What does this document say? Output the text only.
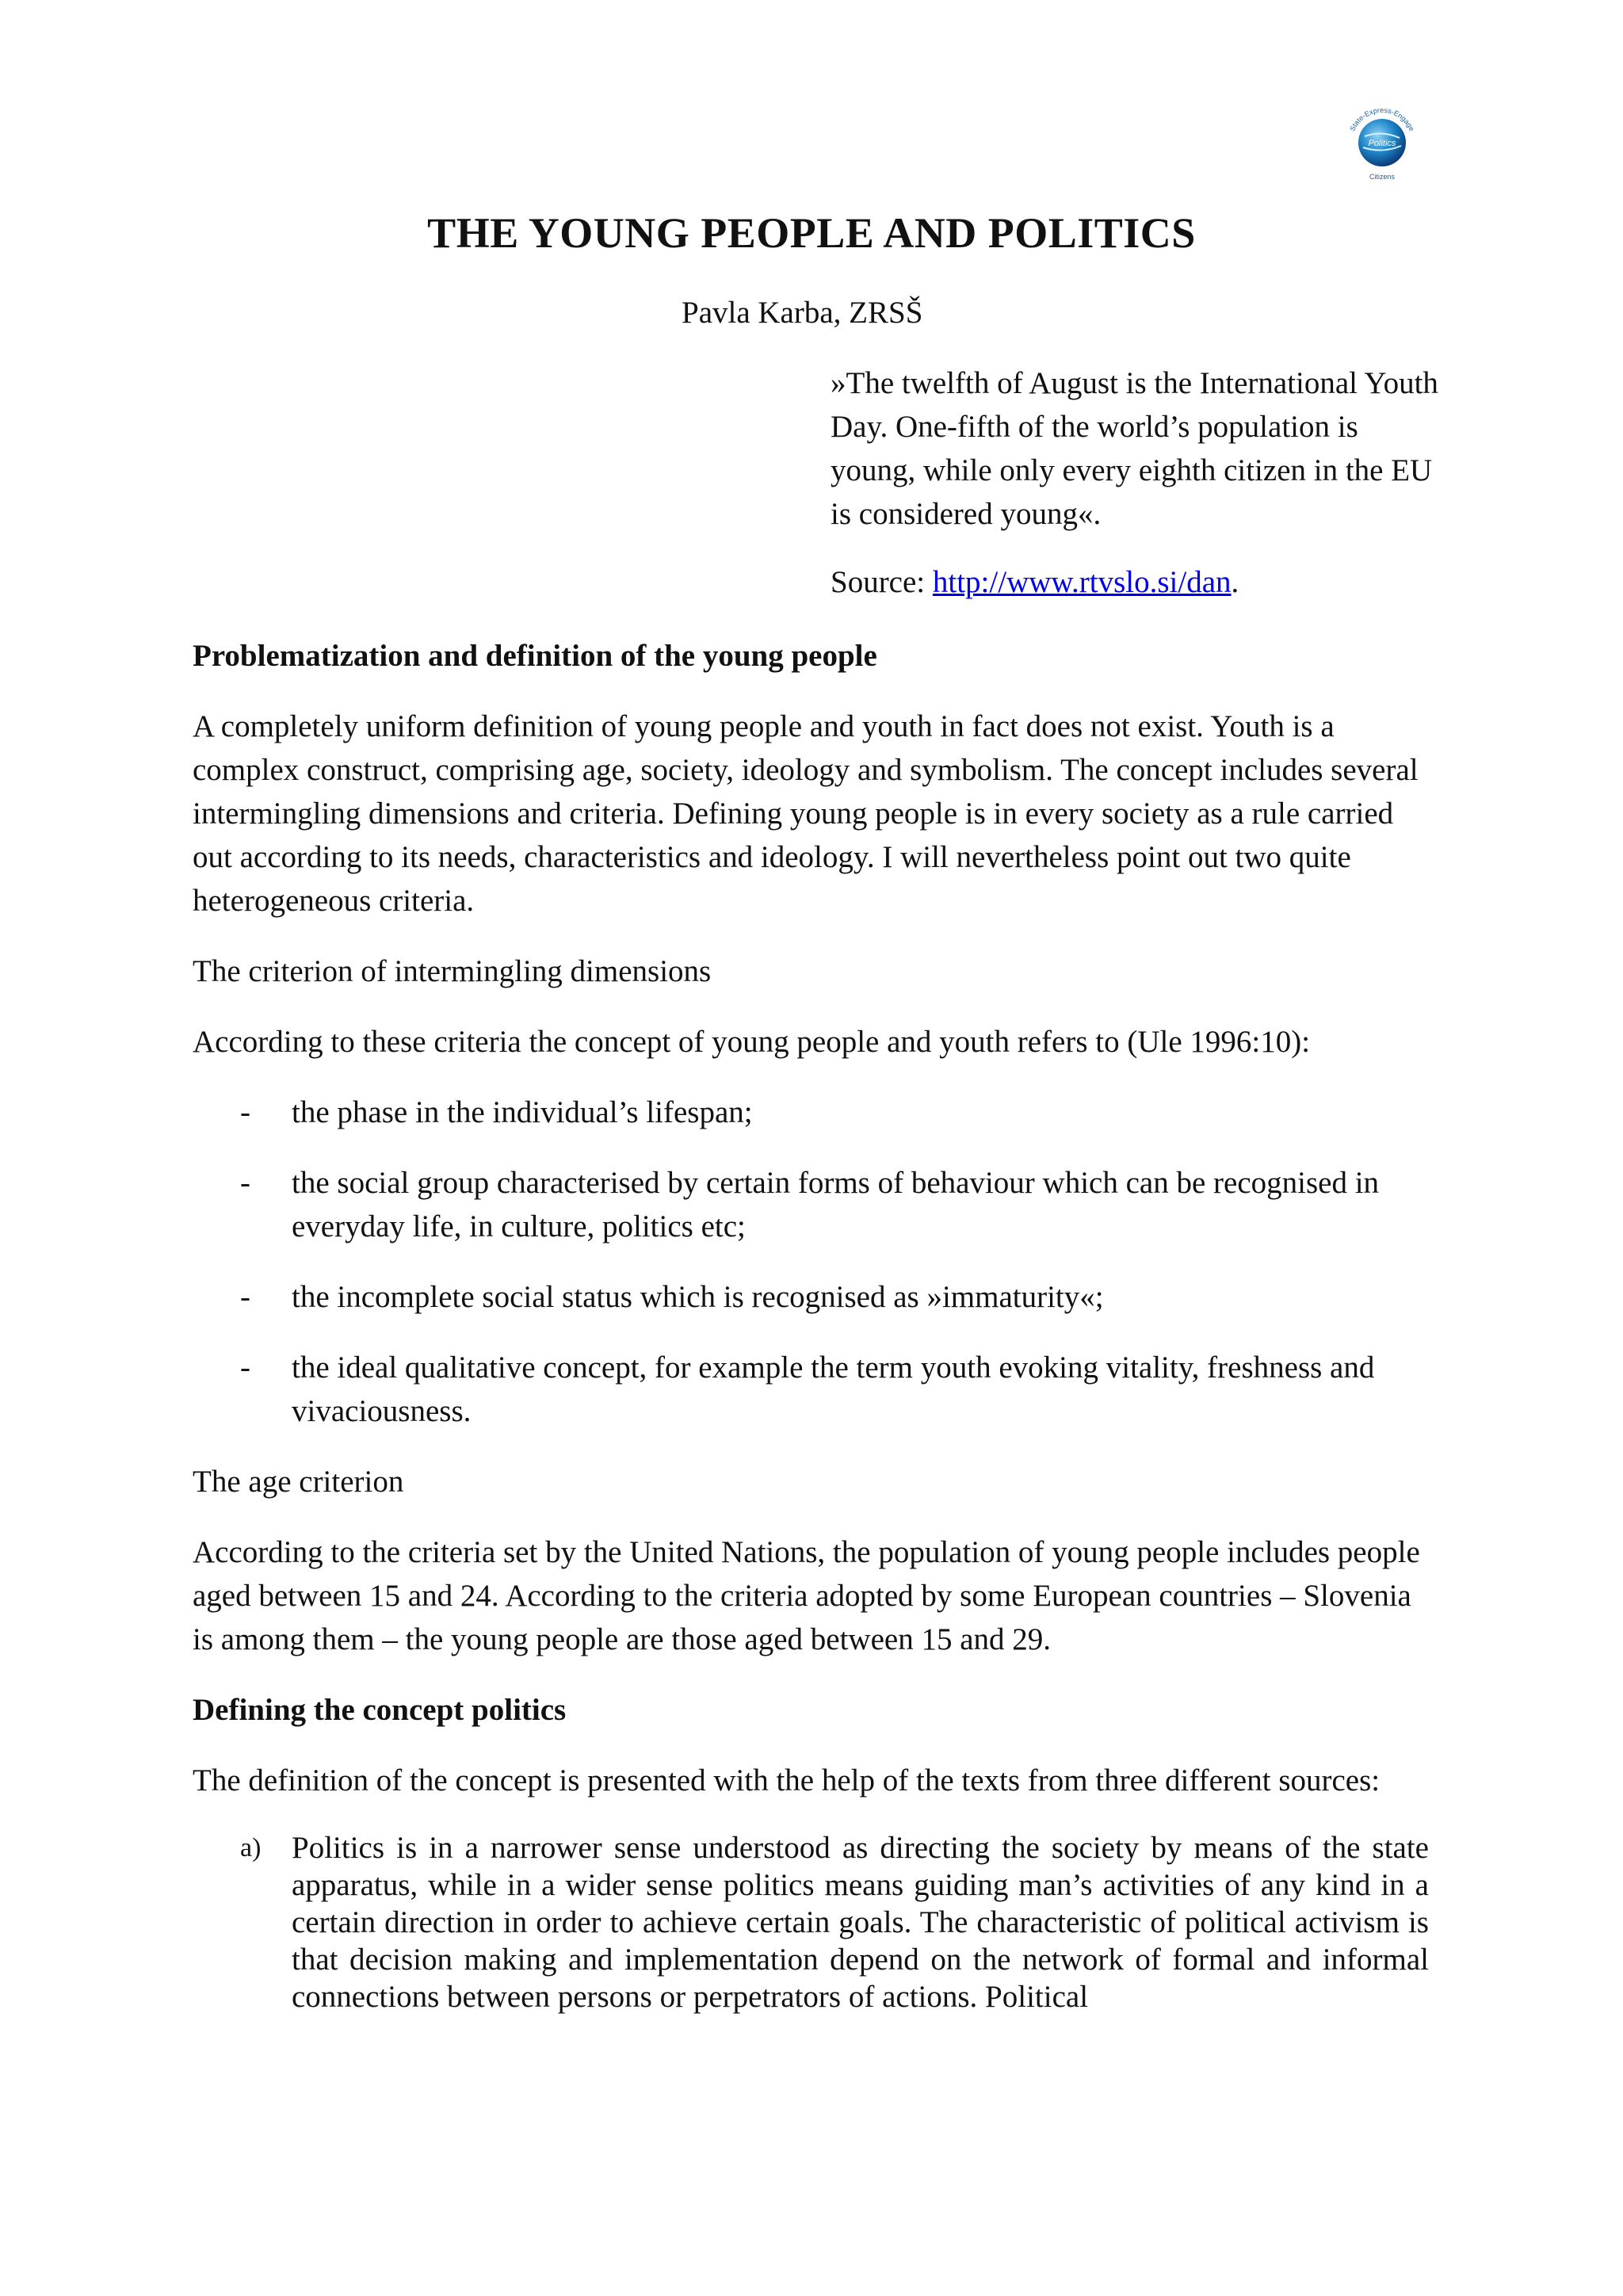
Politics
State-Express-Engage
Citizens
THE YOUNG PEOPLE AND POLITICS
Pavla Karba, ZRSŠ
»The twelfth of August is the International Youth Day. One-fifth of the world’s population is young, while only every eighth citizen in the EU is considered young«.
Source: http://www.rtvslo.si/dan.
Problematization and definition of the young people

A completely uniform definition of young people and youth in fact does not exist. Youth is a complex construct, comprising age, society, ideology and symbolism. The concept includes several intermingling dimensions and criteria. Defining young people is in every society as a rule carried out according to its needs, characteristics and ideology. I will nevertheless point out two quite heterogeneous criteria.

The criterion of intermingling dimensions

According to these criteria the concept of young people and youth refers to (Ule 1996:10):

- the phase in the individual’s lifespan;
- the social group characterised by certain forms of behaviour which can be recognised in everyday life, in culture, politics etc;
- the incomplete social status which is recognised as »immaturity«;
- the ideal qualitative concept, for example the term youth evoking vitality, freshness and vivaciousness.

The age criterion

According to the criteria set by the United Nations, the population of young people includes people aged between 15 and 24. According to the criteria adopted by some European countries – Slovenia is among them – the young people are those aged between 15 and 29.

Defining the concept politics

The definition of the concept is presented with the help of the texts from three different sources:

a) Politics is in a narrower sense understood as directing the society by means of the state apparatus, while in a wider sense politics means guiding man’s activities of any kind in a certain direction in order to achieve certain goals. The characteristic of political activism is that decision making and implementation depend on the network of formal and informal connections between persons or perpetrators of actions. Political
